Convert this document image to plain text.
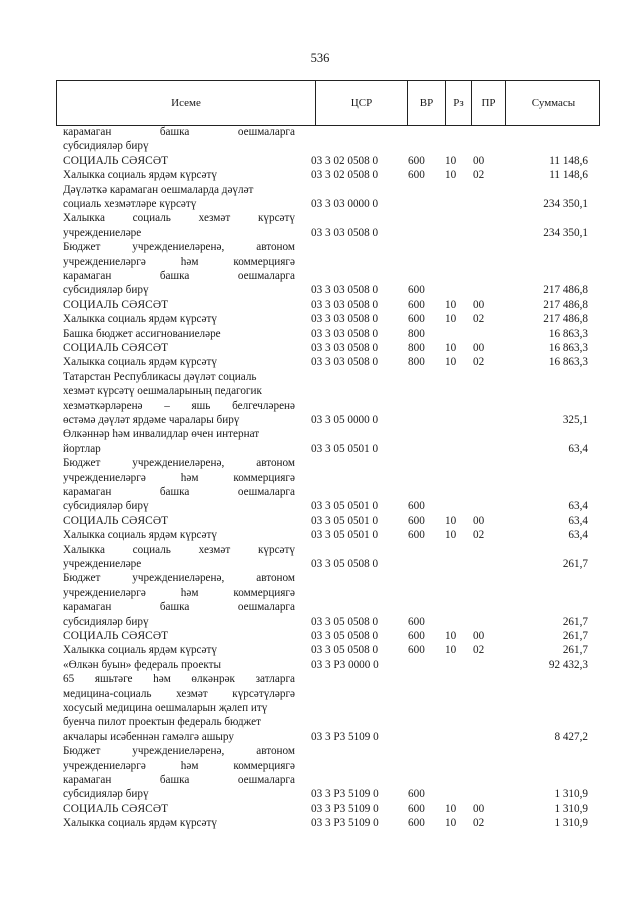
536
Исеме	ЦСР	ВР	Рз	ПР	Суммасы
карамаган башка оешмаларга
субсидияләр бирү
СОЦИАЛЬ СӘЯСӘТ	03 3 02 0508 0	600 10 00	11 148,6
Халыкка социаль ярдәм күрсәтү	03 3 02 0508 0	600 10 02	11 148,6
Дәүләткә карамаган оешмаларда дәүләт
социаль хезмәтләре күрсәтү	03 3 03 0000 0	234 350,1
Халыкка социаль хезмәт күрсәтү
учреждениеләре	03 3 03 0508 0	234 350,1
Бюджет учреждениеләренә, автоном
учреждениеләргә һәм коммерциягә
карамаган башка оешмаларга
субсидияләр бирү	03 3 03 0508 0	600	217 486,8
СОЦИАЛЬ СӘЯСӘТ	03 3 03 0508 0	600 10 00	217 486,8
Халыкка социаль ярдәм күрсәтү	03 3 03 0508 0	600 10 02	217 486,8
Башка бюджет ассигнованиеләре	03 3 03 0508 0	800	16 863,3
СОЦИАЛЬ СӘЯСӘТ	03 3 03 0508 0	800 10 00	16 863,3
Халыкка социаль ярдәм күрсәтү	03 3 03 0508 0	800 10 02	16 863,3
Татарстан Республикасы дәүләт социаль
хезмәт күрсәтү оешмаларының педагогик
хезмәткәрләренә – яшь белгечләренә
өстәмә дәүләт ярдәме чаралары бирү	03 3 05 0000 0	325,1
Өлкәннәр һәм инвалидлар өчен интернат
йортлар	03 3 05 0501 0	63,4
Бюджет учреждениеләренә, автоном
учреждениеләргә һәм коммерциягә
карамаган башка оешмаларга
субсидияләр бирү	03 3 05 0501 0	600	63,4
СОЦИАЛЬ СӘЯСӘТ	03 3 05 0501 0	600 10 00	63,4
Халыкка социаль ярдәм күрсәтү	03 3 05 0501 0	600 10 02	63,4
Халыкка социаль хезмәт күрсәтү
учреждениеләре	03 3 05 0508 0	261,7
Бюджет учреждениеләренә, автоном
учреждениеләргә һәм коммерциягә
карамаган башка оешмаларга
субсидияләр бирү	03 3 05 0508 0	600	261,7
СОЦИАЛЬ СӘЯСӘТ	03 3 05 0508 0	600 10 00	261,7
Халыкка социаль ярдәм күрсәтү	03 3 05 0508 0	600 10 02	261,7
«Өлкән буын» федераль проекты	03 3 P3 0000 0	92 432,3
65 яшьтәге һәм өлкәнрәк затларга
медицина-социаль хезмәт күрсәтүләргә
хосусый медицина оешмаларын җәлеп итү
буенча пилот проектын федераль бюджет
акчалары исәбеннән гамәлгә ашыру	03 3 P3 5109 0	8 427,2
Бюджет учреждениеләренә, автоном
учреждениеләргә һәм коммерциягә
карамаган башка оешмаларга
субсидияләр бирү	03 3 P3 5109 0	600	1 310,9
СОЦИАЛЬ СӘЯСӘТ	03 3 P3 5109 0	600 10 00	1 310,9
Халыкка социаль ярдәм күрсәтү	03 3 P3 5109 0	600 10 02	1 310,9
